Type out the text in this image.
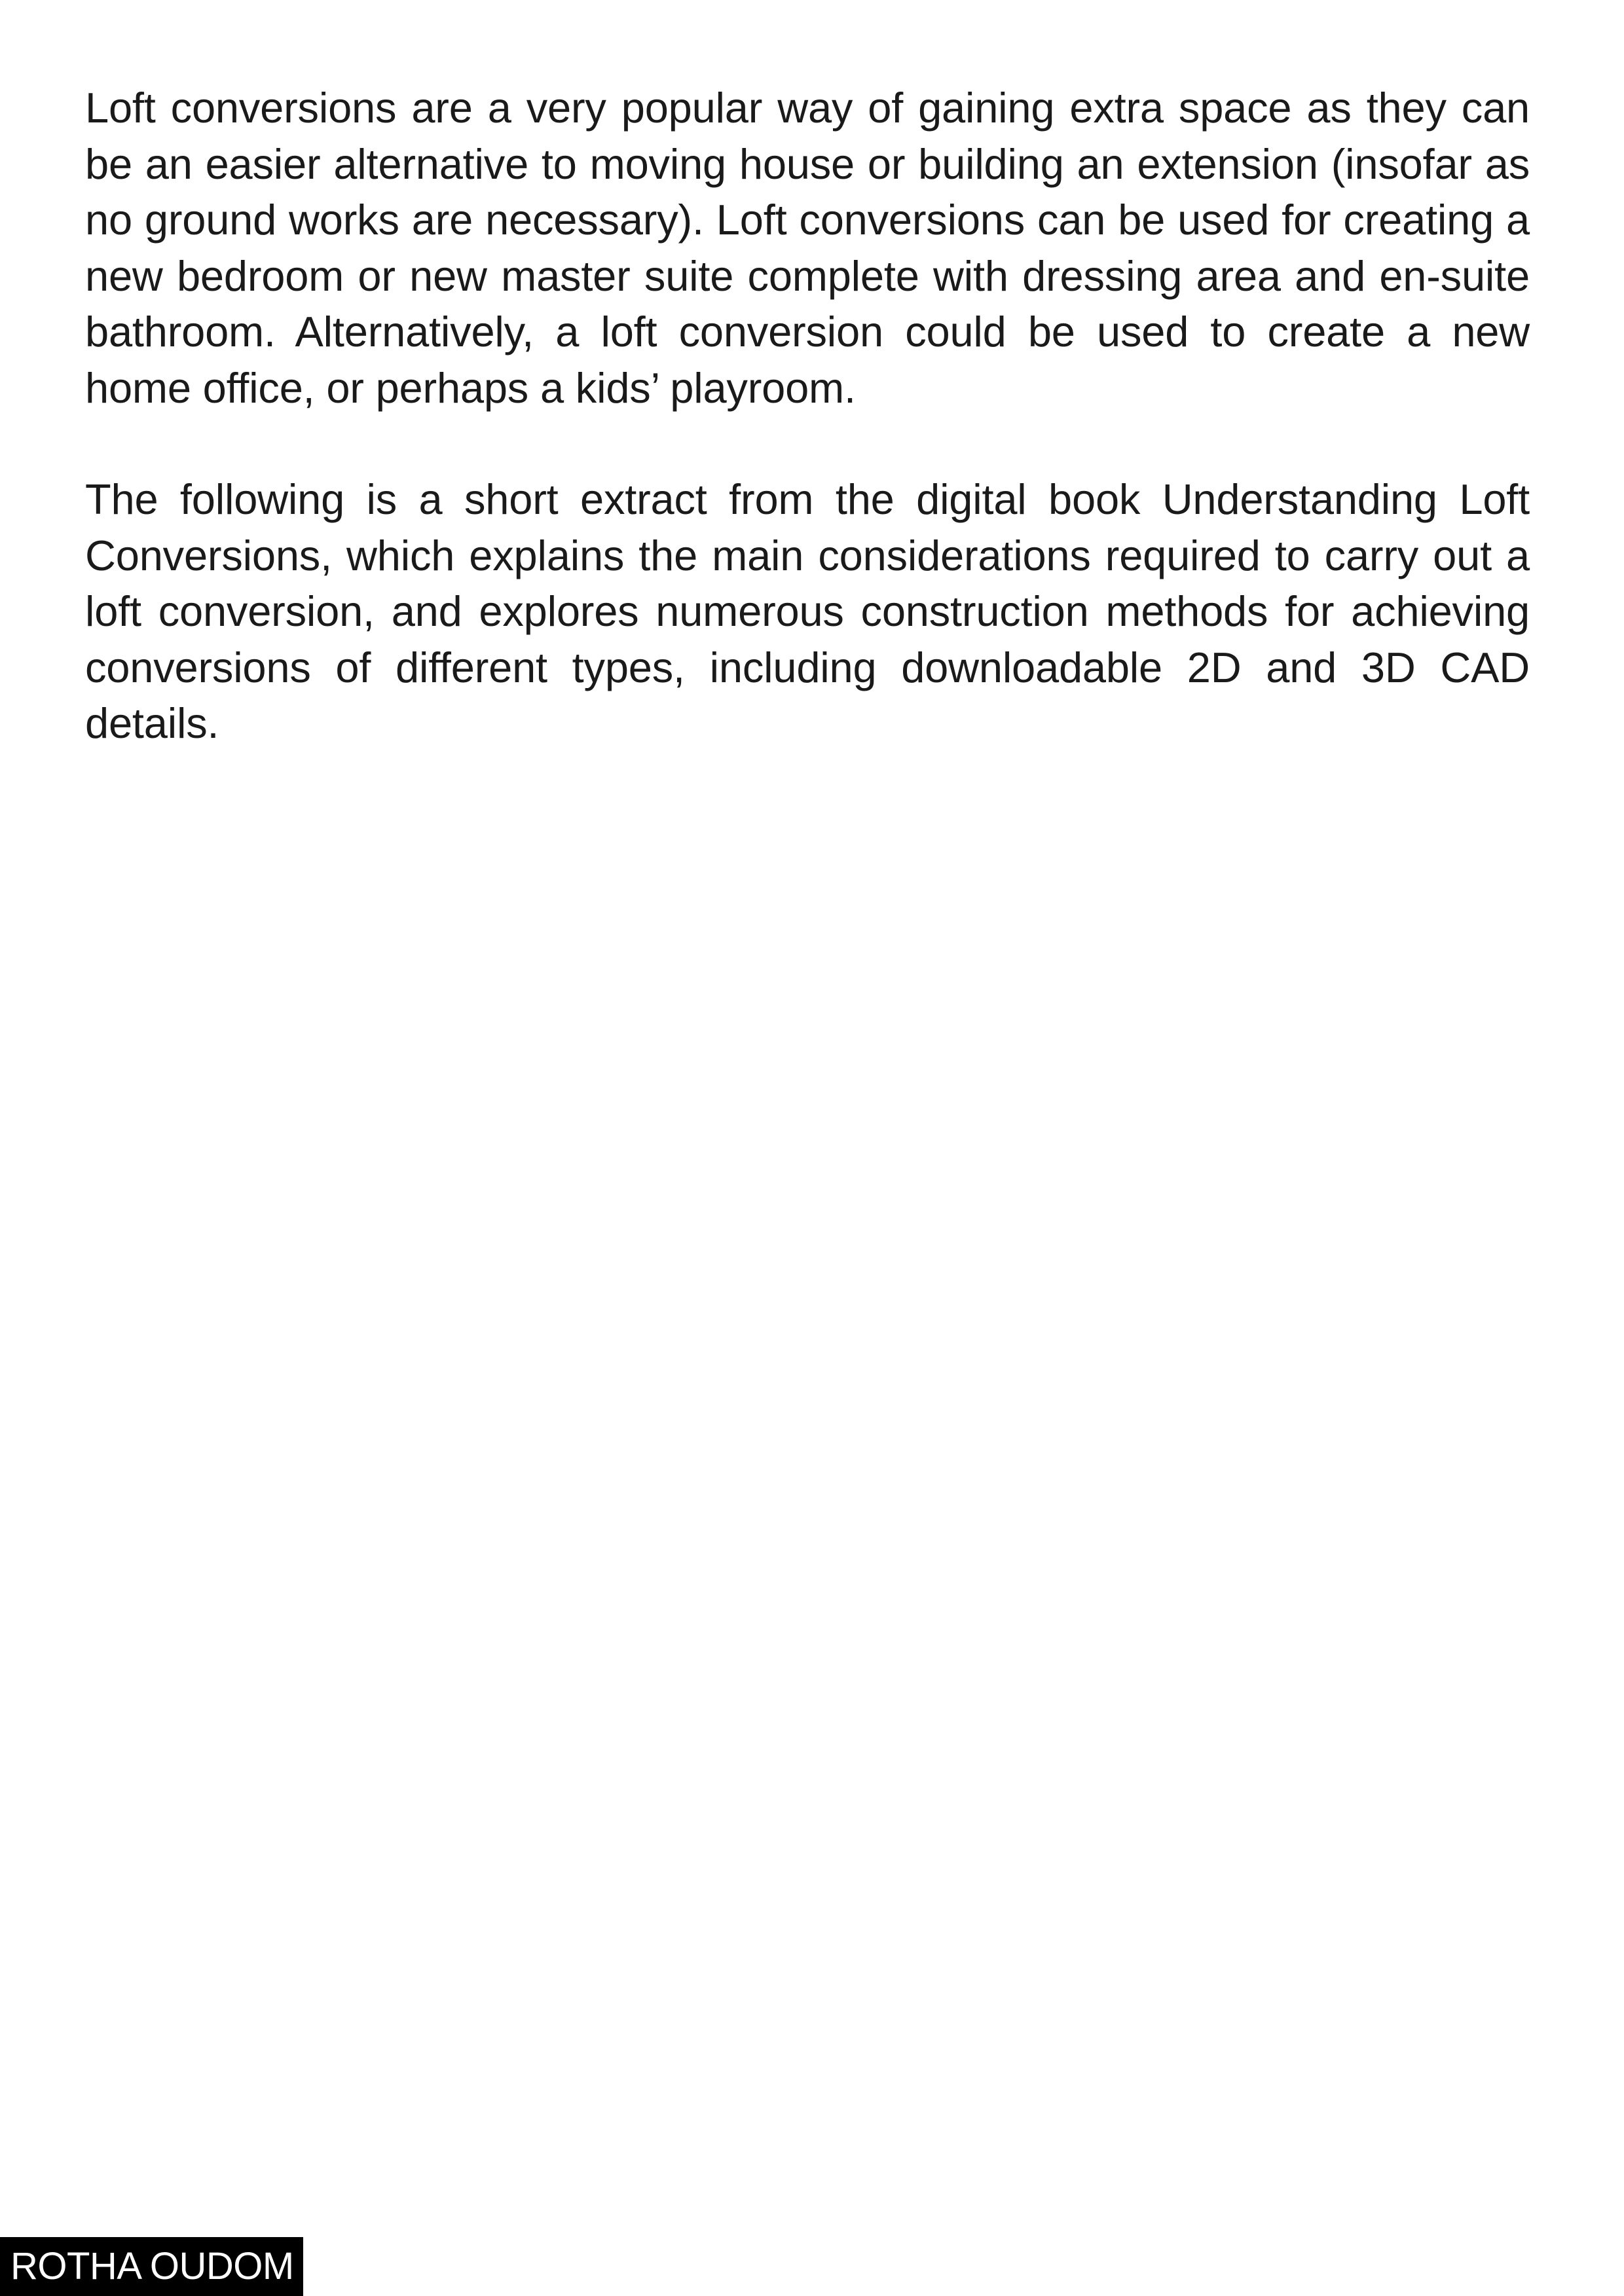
Loft conversions are a very popular way of gaining extra space as they can be an easier alternative to moving house or building an extension (insofar as no ground works are necessary). Loft conversions can be used for creating a new bedroom or new master suite complete with dressing area and en-suite bathroom. Alternatively, a loft conversion could be used to create a new home office, or perhaps a kids’ playroom.

The following is a short extract from the digital book Understanding Loft Conversions, which explains the main considerations required to carry out a loft conversion, and explores numerous construction methods for achieving conversions of different types, including downloadable 2D and 3D CAD details.

ROTHA OUDOM
